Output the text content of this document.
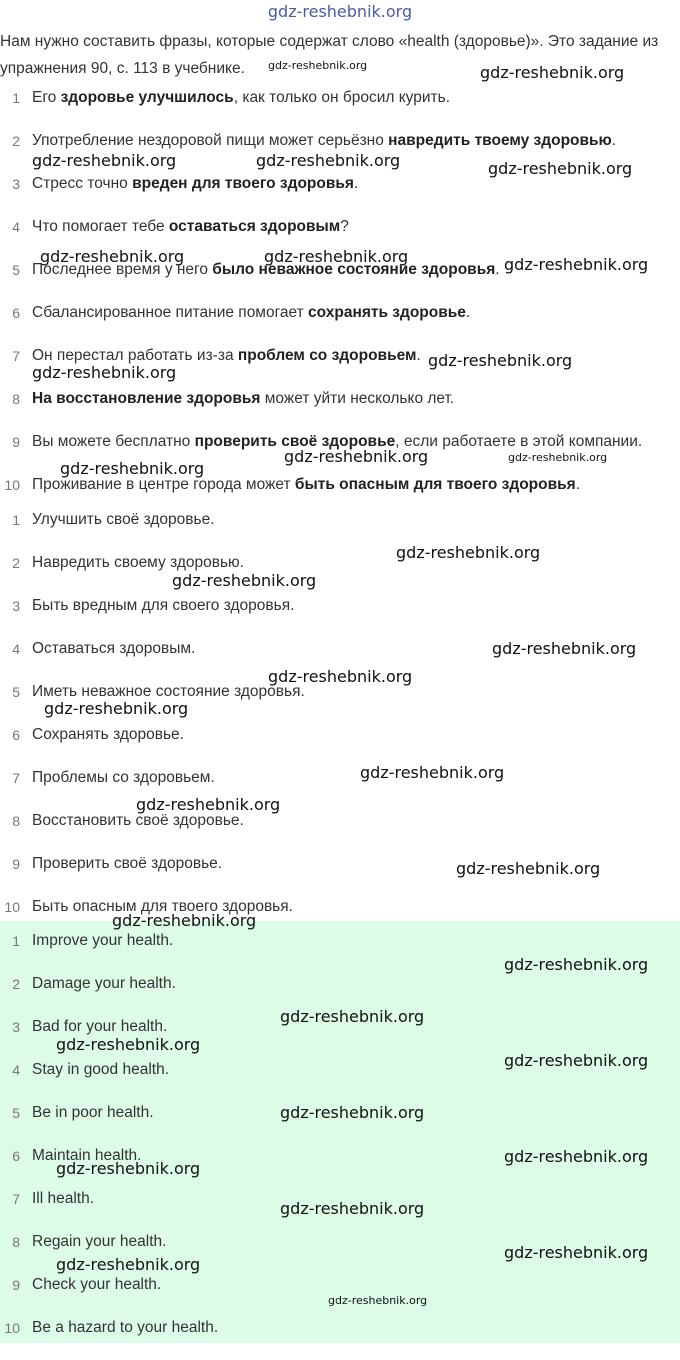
gdz-reshebnik.org
Нам нужно составить фразы, которые содержат слово «health (здоровье)». Это задание из упражнения 90, с. 113 в учебнике.
1 Его здоровье улучшилось, как только он бросил курить.
2 Употребление нездоровой пищи может серьёзно навредить твоему здоровью.
3 Стресс точно вреден для твоего здоровья.
4 Что помогает тебе оставаться здоровым?
5 Последнее время у него было неважное состояние здоровья.
6 Сбалансированное питание помогает сохранять здоровье.
7 Он перестал работать из-за проблем со здоровьем.
8 На восстановление здоровья может уйти несколько лет.
9 Вы можете бесплатно проверить своё здоровье, если работаете в этой компании.
10 Проживание в центре города может быть опасным для твоего здоровья.
1 Улучшить своё здоровье.
2 Навредить своему здоровью.
3 Быть вредным для своего здоровья.
4 Оставаться здоровым.
5 Иметь неважное состояние здоровья.
6 Сохранять здоровье.
7 Проблемы со здоровьем.
8 Восстановить своё здоровье.
9 Проверить своё здоровье.
10 Быть опасным для твоего здоровья.
1 Improve your health.
2 Damage your health.
3 Bad for your health.
4 Stay in good health.
5 Be in poor health.
6 Maintain health.
7 Ill health.
8 Regain your health.
9 Check your health.
10 Be a hazard to your health.
gdz-reshebnik.org	gdz-reshebnik.org
gdz-reshebnik.org	gdz-reshebnik.org	gdz-reshebnik.org
gdz-reshebnik.org	gdz-reshebnik.org	gdz-reshebnik.org
gdz-reshebnik.org
gdz-reshebnik.org
gdz-reshebnik.org	gdz-reshebnik.org
gdz-reshebnik.org
gdz-reshebnik.org
gdz-reshebnik.org
gdz-reshebnik.org
gdz-reshebnik.org
gdz-reshebnik.org
gdz-reshebnik.org
gdz-reshebnik.org
gdz-reshebnik.org
gdz-reshebnik.org
gdz-reshebnik.org
gdz-reshebnik.org
gdz-reshebnik.org
gdz-reshebnik.org
gdz-reshebnik.org
gdz-reshebnik.org
gdz-reshebnik.org
gdz-reshebnik.org
gdz-reshebnik.org
gdz-reshebnik.org
gdz-reshebnik.org
